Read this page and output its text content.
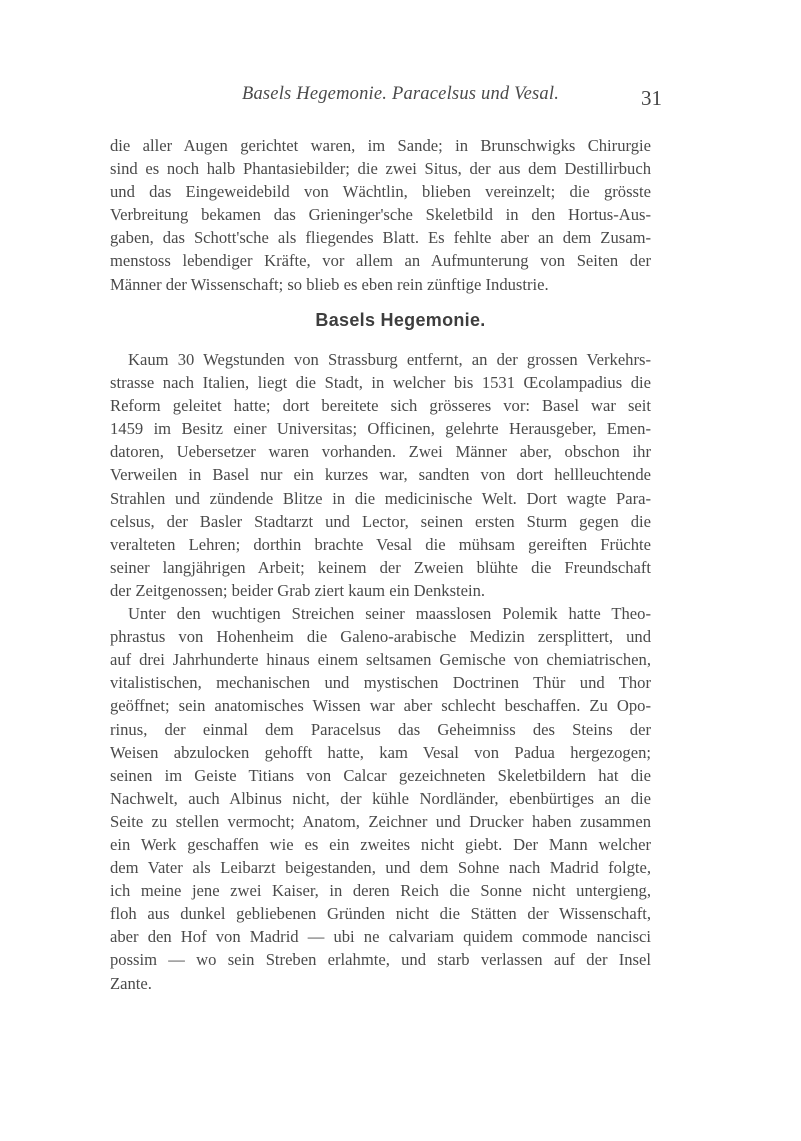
Basels Hegemonie. Paracelsus und Vesal.	31
die aller Augen gerichtet waren, im Sande; in Brunschwigks Chirurgie
sind es noch halb Phantasiebilder; die zwei Situs, der aus dem Destillirbuch
und das Eingeweidebild von Wächtlin, blieben vereinzelt; die grösste
Verbreitung bekamen das Grieninger'sche Skeletbild in den Hortus-Aus-
gaben, das Schott'sche als fliegendes Blatt. Es fehlte aber an dem Zusam-
menstoss lebendiger Kräfte, vor allem an Aufmunterung von Seiten der
Männer der Wissenschaft; so blieb es eben rein zünftige Industrie.
Basels Hegemonie.
Kaum 30 Wegstunden von Strassburg entfernt, an der grossen Verkehrs-
strasse nach Italien, liegt die Stadt, in welcher bis 1531 Œcolampadius die
Reform geleitet hatte; dort bereitete sich grösseres vor: Basel war seit
1459 im Besitz einer Universitas; Officinen, gelehrte Herausgeber, Emen-
datoren, Uebersetzer waren vorhanden. Zwei Männer aber, obschon ihr
Verweilen in Basel nur ein kurzes war, sandten von dort hellleuchtende
Strahlen und zündende Blitze in die medicinische Welt. Dort wagte Para-
celsus, der Basler Stadtarzt und Lector, seinen ersten Sturm gegen die
veralteten Lehren; dorthin brachte Vesal die mühsam gereiften Früchte
seiner langjährigen Arbeit; keinem der Zweien blühte die Freundschaft
der Zeitgenossen; beider Grab ziert kaum ein Denkstein.
Unter den wuchtigen Streichen seiner maasslosen Polemik hatte Theo-
phrastus von Hohenheim die Galeno-arabische Medizin zersplittert, und
auf drei Jahrhunderte hinaus einem seltsamen Gemische von chemiatrischen,
vitalistischen, mechanischen und mystischen Doctrinen Thür und Thor
geöffnet; sein anatomisches Wissen war aber schlecht beschaffen. Zu Opo-
rinus, der einmal dem Paracelsus das Geheimniss des Steins der
Weisen abzulocken gehofft hatte, kam Vesal von Padua hergezogen;
seinen im Geiste Titians von Calcar gezeichneten Skeletbildern hat die
Nachwelt, auch Albinus nicht, der kühle Nordländer, ebenbürtiges an die
Seite zu stellen vermocht; Anatom, Zeichner und Drucker haben zusammen
ein Werk geschaffen wie es ein zweites nicht giebt. Der Mann welcher
dem Vater als Leibarzt beigestanden, und dem Sohne nach Madrid folgte,
ich meine jene zwei Kaiser, in deren Reich die Sonne nicht untergieng,
floh aus dunkel gebliebenen Gründen nicht die Stätten der Wissenschaft,
aber den Hof von Madrid — ubi ne calvariam quidem commode nancisci
possim — wo sein Streben erlahmte, und starb verlassen auf der Insel
Zante.
